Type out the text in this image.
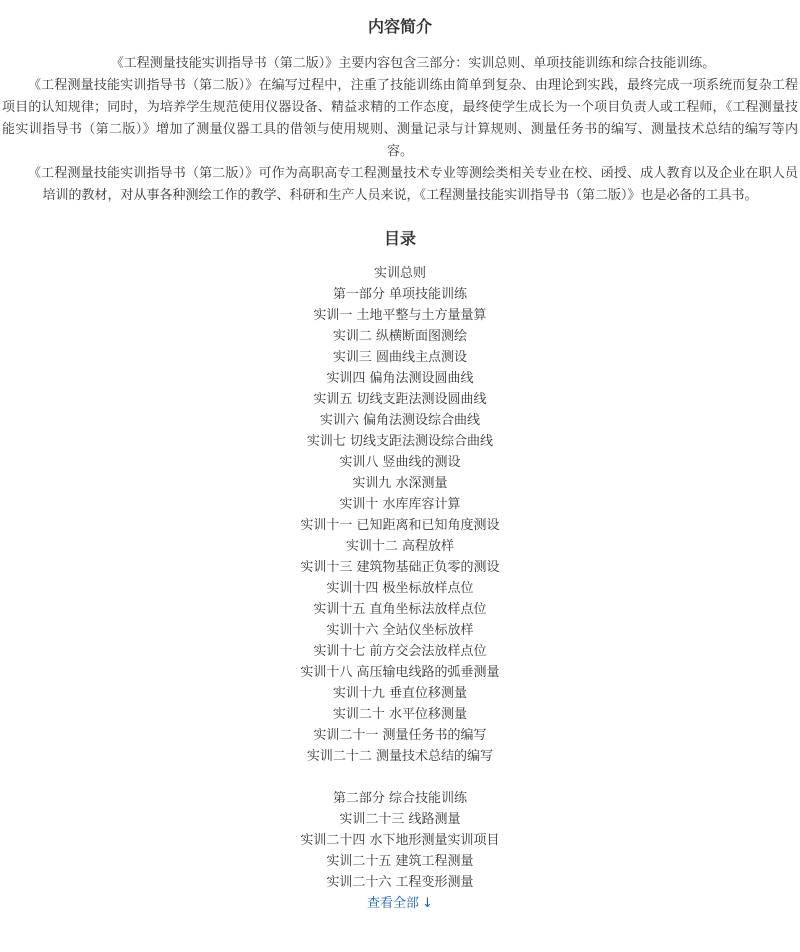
内容简介

《工程测量技能实训指导书（第二版）》主要内容包含三部分：实训总则、单项技能训练和综合技能训练。

《工程测量技能实训指导书（第二版）》在编写过程中，注重了技能训练由简单到复杂、由理论到实践，最终完成一项系统而复杂工程项目的认知规律；同时，为培养学生规范使用仪器设备、精益求精的工作态度，最终使学生成长为一个项目负责人或工程师，《工程测量技能实训指导书（第二版）》增加了测量仪器工具的借领与使用规则、测量记录与计算规则、测量任务书的编写、测量技术总结的编写等内容。

《工程测量技能实训指导书（第二版）》可作为高职高专工程测量技术专业等测绘类相关专业在校、函授、成人教育以及企业在职人员培训的教材，对从事各种测绘工作的教学、科研和生产人员来说，《工程测量技能实训指导书（第二版）》也是必备的工具书。

目录
实训总则
第一部分 单项技能训练
实训一 土地平整与土方量量算
实训二 纵横断面图测绘
实训三 圆曲线主点测设
实训四 偏角法测设圆曲线
实训五 切线支距法测设圆曲线
实训六 偏角法测设综合曲线
实训七 切线支距法测设综合曲线
实训八 竖曲线的测设
实训九 水深测量
实训十 水库库容计算
实训十一 已知距离和已知角度测设
实训十二 高程放样
实训十三 建筑物基础正负零的测设
实训十四 极坐标放样点位
实训十五 直角坐标法放样点位
实训十六 全站仪坐标放样
实训十七 前方交会法放样点位
实训十八 高压输电线路的弧垂测量
实训十九 垂直位移测量
实训二十 水平位移测量
实训二十一 测量任务书的编写
实训二十二 测量技术总结的编写
第二部分 综合技能训练
实训二十三 线路测量
实训二十四 水下地形测量实训项目
实训二十五 建筑工程测量
实训二十六 工程变形测量
查看全部 ↓
